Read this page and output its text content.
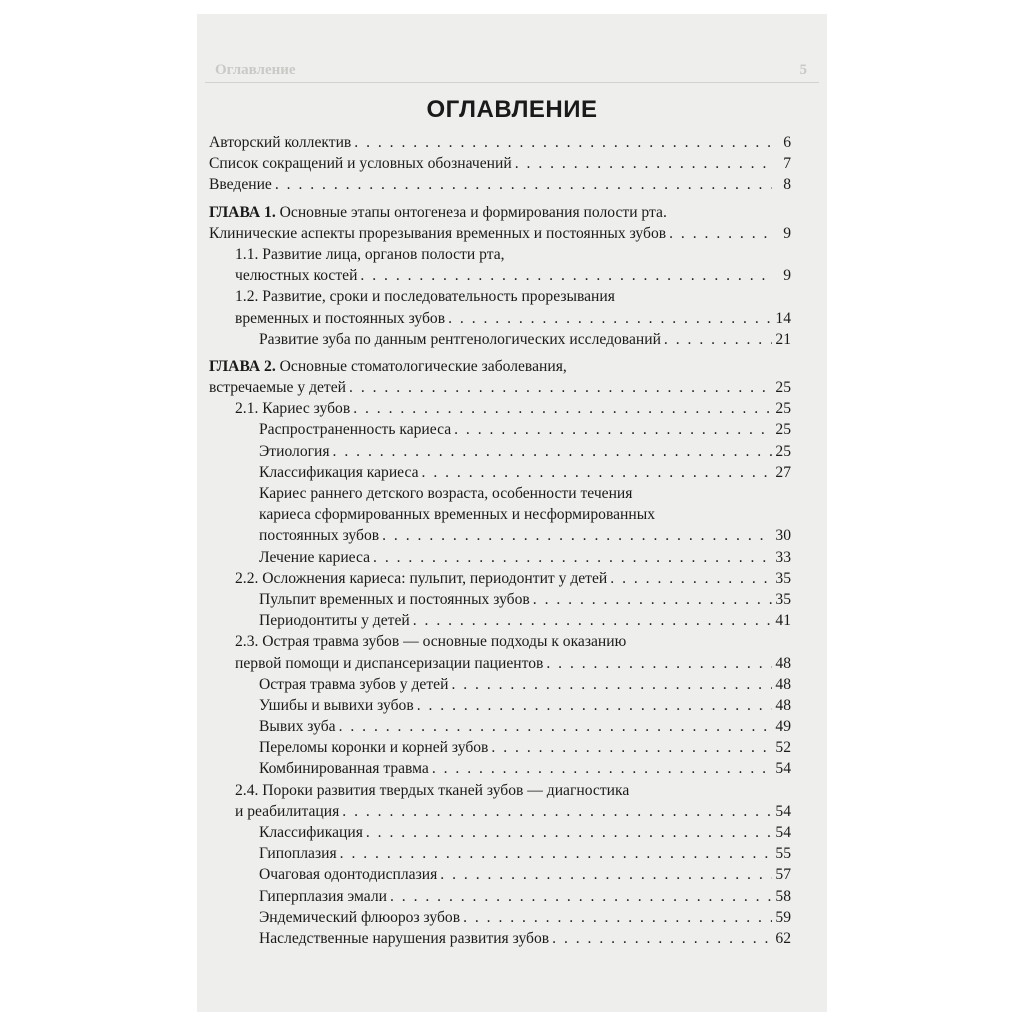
Оглавление	5
ОГЛАВЛЕНИЕ
Авторский коллектив . . .	6
Список сокращений и условных обозначений . . .	7
Введение . . .	8
ГЛАВА 1. Основные этапы онтогенеза и формирования полости рта.
Клинические аспекты прорезывания временных и постоянных зубов . . .	9
1.1. Развитие лица, органов полости рта,
челюстных костей . . .	9
1.2. Развитие, сроки и последовательность прорезывания
временных и постоянных зубов . . .	14
Развитие зуба по данным рентгенологических исследований . . .	21
ГЛАВА 2. Основные стоматологические заболевания,
встречаемые у детей . . .	25
2.1. Кариес зубов . . .	25
Распространенность кариеса . . .	25
Этиология . . .	25
Классификация кариеса . . .	27
Кариес раннего детского возраста, особенности течения
кариеса сформированных временных и несформированных
постоянных зубов . . .	30
Лечение кариеса . . .	33
2.2. Осложнения кариеса: пульпит, периодонтит у детей . . .	35
Пульпит временных и постоянных зубов . . .	35
Периодонтиты у детей . . .	41
2.3. Острая травма зубов — основные подходы к оказанию
первой помощи и диспансеризации пациентов . . .	48
Острая травма зубов у детей . . .	48
Ушибы и вывихи зубов . . .	48
Вывих зуба . . .	49
Переломы коронки и корней зубов . . .	52
Комбинированная травма . . .	54
2.4. Пороки развития твердых тканей зубов — диагностика
и реабилитация . . .	54
Классификация . . .	54
Гипоплазия . . .	55
Очаговая одонтодисплазия . . .	57
Гиперплазия эмали . . .	58
Эндемический флюороз зубов . . .	59
Наследственные нарушения развития зубов . . .	62
